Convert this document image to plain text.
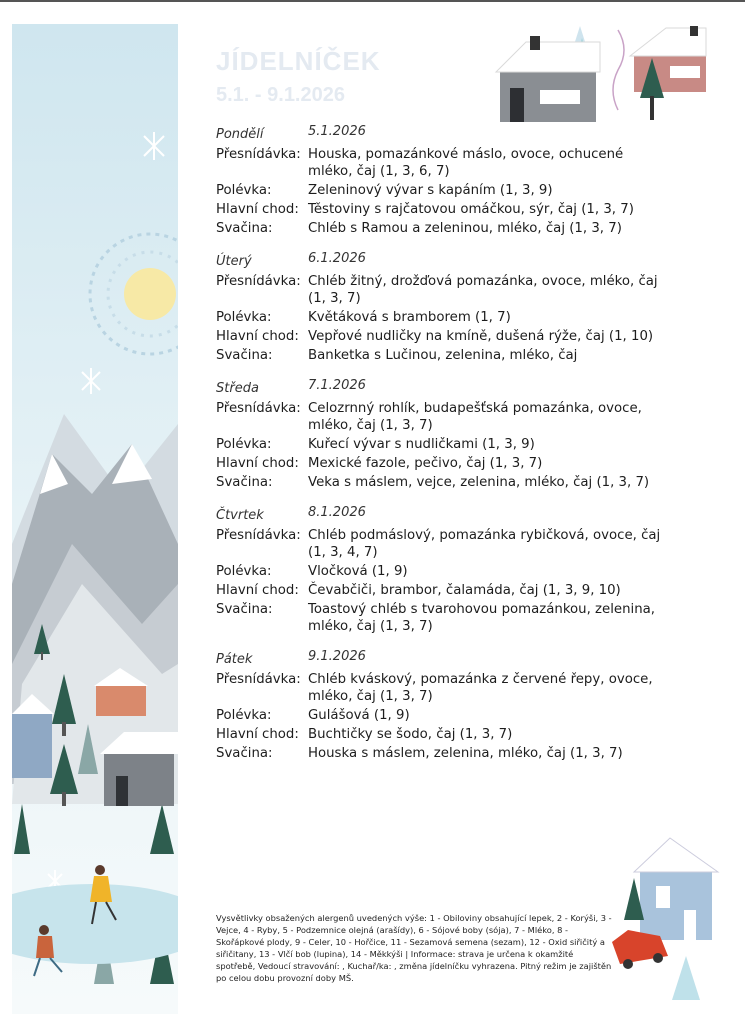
JÍDELNÍČEK
5.1. - 9.1.2026
Pondělí	5.1.2026
Přesnídávka: Houska, pomazánkové máslo, ovoce, ochucené mléko, čaj (1, 3, 6, 7)
Polévka:	Zeleninový vývar s kapáním (1, 3, 9)
Hlavní chod: Těstoviny s rajčatovou omáčkou, sýr, čaj (1, 3, 7)
Svačina:	Chléb s Ramou a zeleninou, mléko, čaj (1, 3, 7)
Úterý	6.1.2026
Přesnídávka: Chléb žitný, drožďová pomazánka, ovoce, mléko, čaj (1, 3, 7)
Polévka:	Květáková s bramborem (1, 7)
Hlavní chod: Vepřové nudličky na kmíně, dušená rýže, čaj (1, 10)
Svačina:	Banketka s Lučinou, zelenina, mléko, čaj
Středa	7.1.2026
Přesnídávka: Celozrnný rohlík, budapešťská pomazánka, ovoce, mléko, čaj (1, 3, 7)
Polévka:	Kuřecí vývar s nudličkami (1, 3, 9)
Hlavní chod: Mexické fazole, pečivo, čaj (1, 3, 7)
Svačina:	Veka s máslem, vejce, zelenina, mléko, čaj (1, 3, 7)
Čtvrtek	8.1.2026
Přesnídávka: Chléb podmáslový, pomazánka rybičková, ovoce, čaj (1, 3, 4, 7)
Polévka:	Vločková (1, 9)
Hlavní chod: Čevabčiči, brambor, čalamáda, čaj (1, 3, 9, 10)
Svačina:	Toastový chléb s tvarohovou pomazánkou, zelenina, mléko, čaj (1, 3, 7)
Pátek	9.1.2026
Přesnídávka: Chléb kváskový, pomazánka z červené řepy, ovoce, mléko, čaj (1, 3, 7)
Polévka:	Gulášová (1, 9)
Hlavní chod: Buchtičky se šodo, čaj (1, 3, 7)
Svačina:	Houska s máslem, zelenina, mléko, čaj (1, 3, 7)
Vysvětlivky obsažených alergenů uvedených výše: 1 - Obiloviny obsahující lepek, 2 - Korýši, 3 - Vejce, 4 - Ryby, 5 - Podzemnice olejná (arašídy), 6 - Sójové boby (sója), 7 - Mléko, 8 - Skořápkové plody, 9 - Celer, 10 - Hořčice, 11 - Sezamová semena (sezam), 12 - Oxid siřičitý a siřičitany, 13 - Vlčí bob (lupina), 14 - Měkkýši | Informace: strava je určena k okamžité spotřebě, Vedoucí stravování: , Kuchař/ka: , změna jídelníčku vyhrazena. Pitný režim je zajištěn po celou dobu provozní doby MŠ.
